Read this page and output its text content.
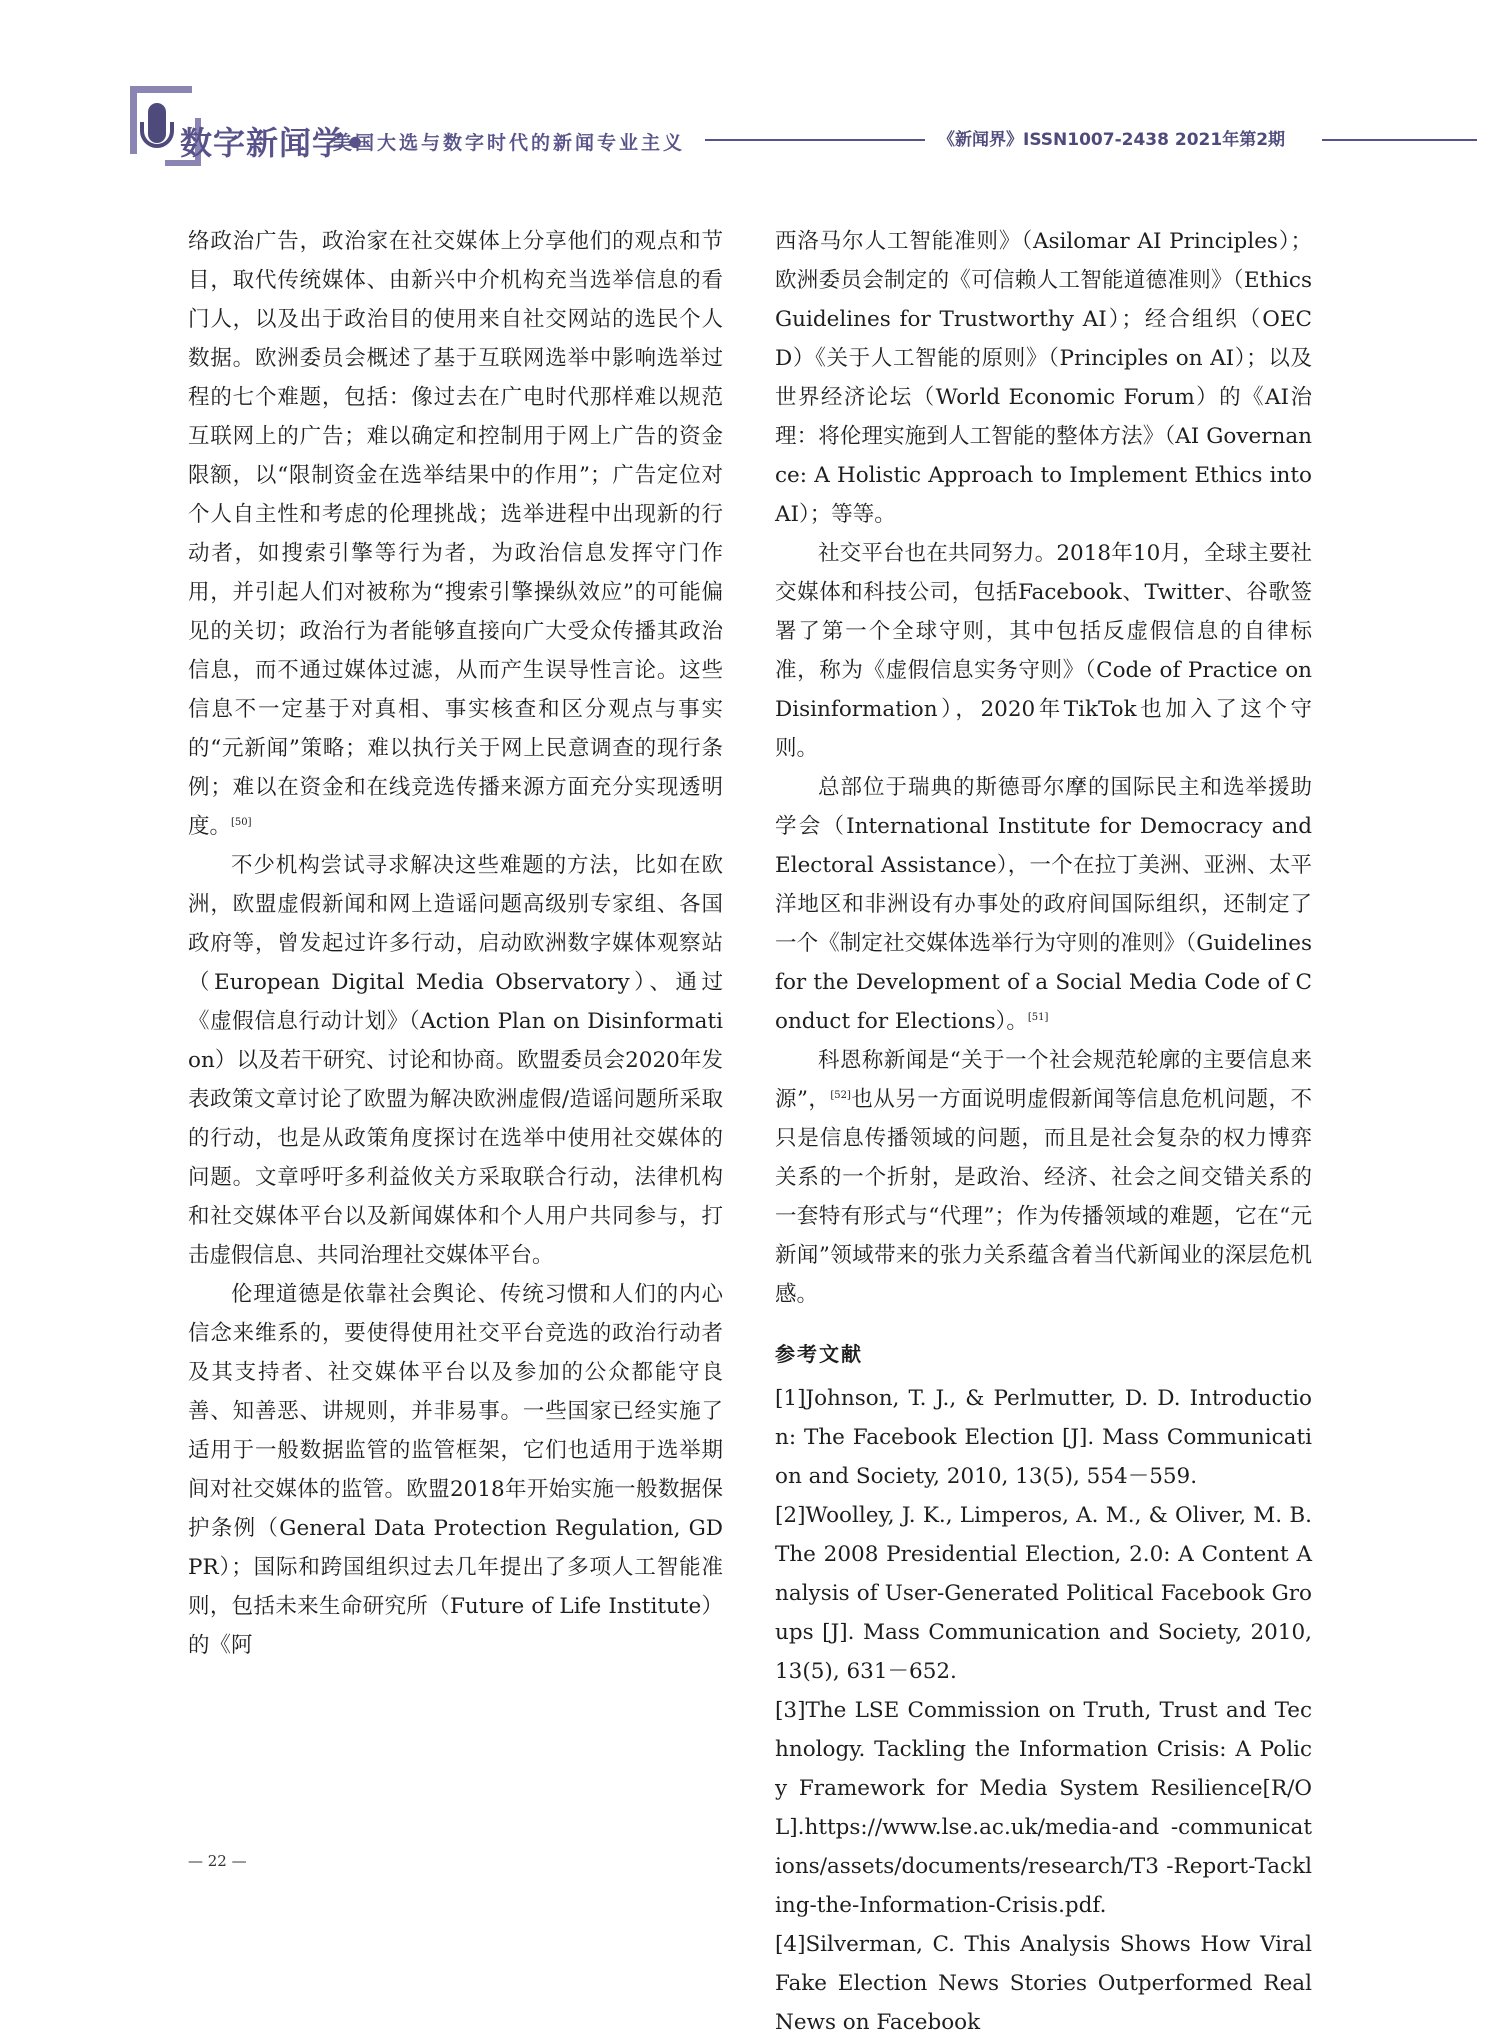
数字新闻学•
美国大选与数字时代的新闻专业主义	《新闻界》ISSN1007-2438 2021年第2期

络政治广告，政治家在社交媒体上分享他们的观点和节目，取代传统媒体、由新兴中介机构充当选举信息的看门人，以及出于政治目的使用来自社交网站的选民个人数据。欧洲委员会概述了基于互联网选举中影响选举过程的七个难题，包括：像过去在广电时代那样难以规范互联网上的广告；难以确定和控制用于网上广告的资金限额，以“限制资金在选举结果中的作用”；广告定位对个人自主性和考虑的伦理挑战；选举进程中出现新的行动者，如搜索引擎等行为者，为政治信息发挥守门作用，并引起人们对被称为“搜索引擎操纵效应”的可能偏见的关切；政治行为者能够直接向广大受众传播其政治信息，而不通过媒体过滤，从而产生误导性言论。这些信息不一定基于对真相、事实核查和区分观点与事实的“元新闻”策略；难以执行关于网上民意调查的现行条例；难以在资金和在线竞选传播来源方面充分实现透明度。[50]

不少机构尝试寻求解决这些难题的方法，比如在欧洲，欧盟虚假新闻和网上造谣问题高级别专家组、各国政府等，曾发起过许多行动，启动欧洲数字媒体观察站（European Digital Media Observatory）、通过《虚假信息行动计划》（Action Plan on Disinformation）以及若干研究、讨论和协商。欧盟委员会2020年发表政策文章讨论了欧盟为解决欧洲虚假/造谣问题所采取的行动，也是从政策角度探讨在选举中使用社交媒体的问题。文章呼吁多利益攸关方采取联合行动，法律机构和社交媒体平台以及新闻媒体和个人用户共同参与，打击虚假信息、共同治理社交媒体平台。

伦理道德是依靠社会舆论、传统习惯和人们的内心信念来维系的，要使得使用社交平台竞选的政治行动者及其支持者、社交媒体平台以及参加的公众都能守良善、知善恶、讲规则，并非易事。一些国家已经实施了适用于一般数据监管的监管框架，它们也适用于选举期间对社交媒体的监管。欧盟2018年开始实施一般数据保护条例（General Data Protection Regulation, GDPR）；国际和跨国组织过去几年提出了多项人工智能准则，包括未来生命研究所（Future of Life Institute）的《阿

西洛马尔人工智能准则》（Asilomar AI Principles）；欧洲委员会制定的《可信赖人工智能道德准则》（Ethics Guidelines for Trustworthy AI）；经合组织（OECD）《关于人工智能的原则》（Principles on AI）；以及世界经济论坛（World Economic Forum）的《AI治理：将伦理实施到人工智能的整体方法》（AI Governance: A Holistic Approach to Implement Ethics into AI）；等等。

社交平台也在共同努力。2018年10月，全球主要社交媒体和科技公司，包括Facebook、Twitter、谷歌签署了第一个全球守则，其中包括反虚假信息的自律标准，称为《虚假信息实务守则》（Code of Practice on Disinformation），2020年TikTok也加入了这个守则。

总部位于瑞典的斯德哥尔摩的国际民主和选举援助学会（International Institute for Democracy and Electoral Assistance），一个在拉丁美洲、亚洲、太平洋地区和非洲设有办事处的政府间国际组织，还制定了一个《制定社交媒体选举行为守则的准则》（Guidelines for the Development of a Social Media Code of Conduct for Elections）。[51]

科恩称新闻是“关于一个社会规范轮廓的主要信息来源”，[52]也从另一方面说明虚假新闻等信息危机问题，不只是信息传播领域的问题，而且是社会复杂的权力博弈关系的一个折射，是政治、经济、社会之间交错关系的一套特有形式与“代理”；作为传播领域的难题，它在“元新闻”领域带来的张力关系蕴含着当代新闻业的深层危机感。

参考文献

[1]Johnson, T. J., & Perlmutter, D. D. Introduction: The Facebook Election [J]. Mass Communication and Society, 2010, 13(5), 554－559.

[2]Woolley, J. K., Limperos, A. M., & Oliver, M. B. The 2008 Presidential Election, 2.0: A Content Analysis of User-Generated Political Facebook Groups [J]. Mass Communication and Society, 2010, 13(5), 631－652.

[3]The LSE Commission on Truth, Trust and Technology. Tackling the Information Crisis: A Policy Framework for Media System Resilience[R/OL].https://www.lse.ac.uk/media-and -communications/assets/documents/research/T3 -Report-Tackling-the-Information-Crisis.pdf.

[4]Silverman, C. This Analysis Shows How Viral Fake Election News Stories Outperformed Real News on Facebook

— 22 —
